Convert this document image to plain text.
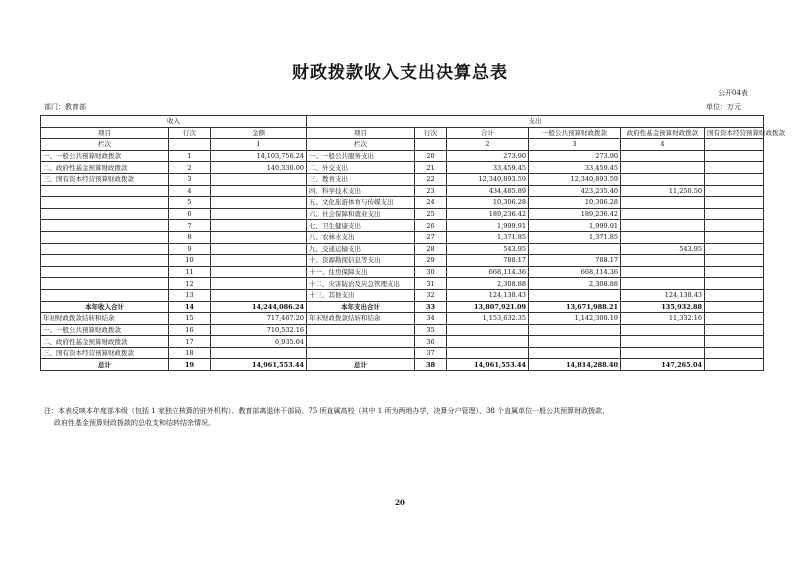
财政拨款收入支出决算总表
公开04表
部门：教育部	单位：万元
收入			支出					
项目	行次	金额	项目	行次	合计	一般公共预算财政拨款	政府性基金预算财政拨款	国有资本经营预算财政拨款
栏次		1	栏次		2	3	4	
一、一般公共预算财政拨款	1	14,103,756.24	一、一般公共服务支出	20	273.90	273.90		
二、政府性基金预算财政拨款	2	140,330.00	二、外交支出	21	33,459.45	33,459.45		
三、国有资本经营预算财政拨款	3		三、教育支出	22	12,340,893.59	12,340,893.59		
	4		四、科学技术支出	23	434,485.89	423,235.40	11,250.50	
	5		五、文化旅游体育与传媒支出	24	10,306.28	10,306.28		
	6		六、社会保障和就业支出	25	189,236.42	189,236.42		
	7		七、卫生健康支出	26	1,999.91	1,999.91		
	8		八、农林水支出	27	1,371.85	1,371.85		
	9		九、交通运输支出	28	543.95		543.95	
	10		十、资源勘探信息等支出	29	788.17	788.17		
	11		十一、住房保障支出	30	668,114.36	668,114.36		
	12		十二、灾害防治及应急管理支出	31	2,308.88	2,308.88		
	13		十三、其他支出	32	124,138.43		124,138.43	
本年收入合计	14	14,244,086.24	本年支出合计	33	13,807,921.09	13,671,988.21	135,932.88	
年初财政拨款结转和结余	15	717,467.20	年末财政拨款结转和结余	34	1,153,632.35	1,142,300.19	11,332.16	
一、一般公共预算财政拨款	16	710,532.16		35				
二、政府性基金预算财政拨款	17	6,935.04		36				
三、国有资本经营预算财政拨款	18			37				
总计	19	14,961,553.44	总计	38	14,961,553.44	14,814,288.40	147,265.04	
注：本表反映本年度部本级（包括 1 家独立核算的驻外机构）、教育部离退休干部局、75 所直属高校（其中 1 所为两地办学，决算分户管理）、38 个直属单位一般公共预算财政拨款、
政府性基金预算财政拨款的总收支和结转结余情况。
20
